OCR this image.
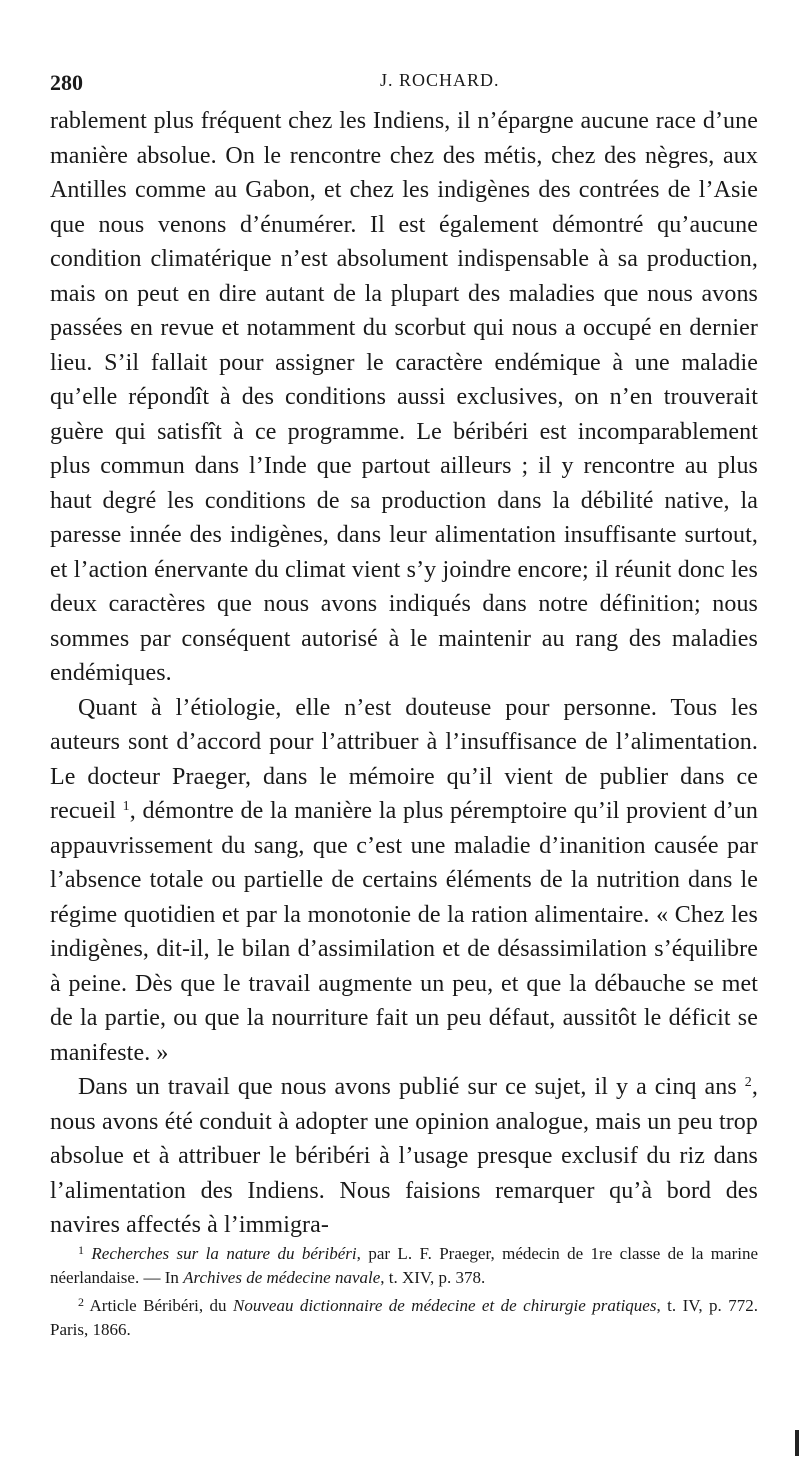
280	J. ROCHARD.

rablement plus fréquent chez les Indiens, il n’épargne aucune race d’une manière absolue. On le rencontre chez des métis, chez des nègres, aux Antilles comme au Gabon, et chez les indigènes des contrées de l’Asie que nous venons d’énumérer. Il est également démontré qu’aucune condition climatérique n’est absolument indispensable à sa production, mais on peut en dire autant de la plupart des maladies que nous avons passées en revue et notamment du scorbut qui nous a occupé en dernier lieu. S’il fallait pour assigner le caractère endémique à une maladie qu’elle répondît à des conditions aussi exclusives, on n’en trouverait guère qui satisfît à ce programme. Le béribéri est incomparablement plus commun dans l’Inde que partout ailleurs ; il y rencontre au plus haut degré les conditions de sa production dans la débilité native, la paresse innée des indigènes, dans leur alimentation insuffisante surtout, et l’action énervante du climat vient s’y joindre encore; il réunit donc les deux caractères que nous avons indiqués dans notre définition; nous sommes par conséquent autorisé à le maintenir au rang des maladies endémiques.

Quant à l’étiologie, elle n’est douteuse pour personne. Tous les auteurs sont d’accord pour l’attribuer à l’insuffisance de l’alimentation. Le docteur Praeger, dans le mémoire qu’il vient de publier dans ce recueil $^1$, démontre de la manière la plus péremptoire qu’il provient d’un appauvrissement du sang, que c’est une maladie d’inanition causée par l’absence totale ou partielle de certains éléments de la nutrition dans le régime quotidien et par la monotonie de la ration alimentaire. « Chez les indigènes, dit-il, le bilan d’assimilation et de désassimilation s’équilibre à peine. Dès que le travail augmente un peu, et que la débauche se met de la partie, ou que la nourriture fait un peu défaut, aussitôt le déficit se manifeste. »

Dans un travail que nous avons publié sur ce sujet, il y a cinq ans $^2$, nous avons été conduit à adopter une opinion analogue, mais un peu trop absolue et à attribuer le béribéri à l’usage presque exclusif du riz dans l’alimentation des Indiens. Nous faisions remarquer qu’à bord des navires affectés à l’immigra-

$^1$ Recherches sur la nature du béribéri, par L. F. Praeger, médecin de 1re classe de la marine néerlandaise. — In Archives de médecine navale, t. XIV, p. 378.

$^2$ Article Béribéri, du Nouveau dictionnaire de médecine et de chirurgie pratiques, t. IV, p. 772. Paris, 1866.
